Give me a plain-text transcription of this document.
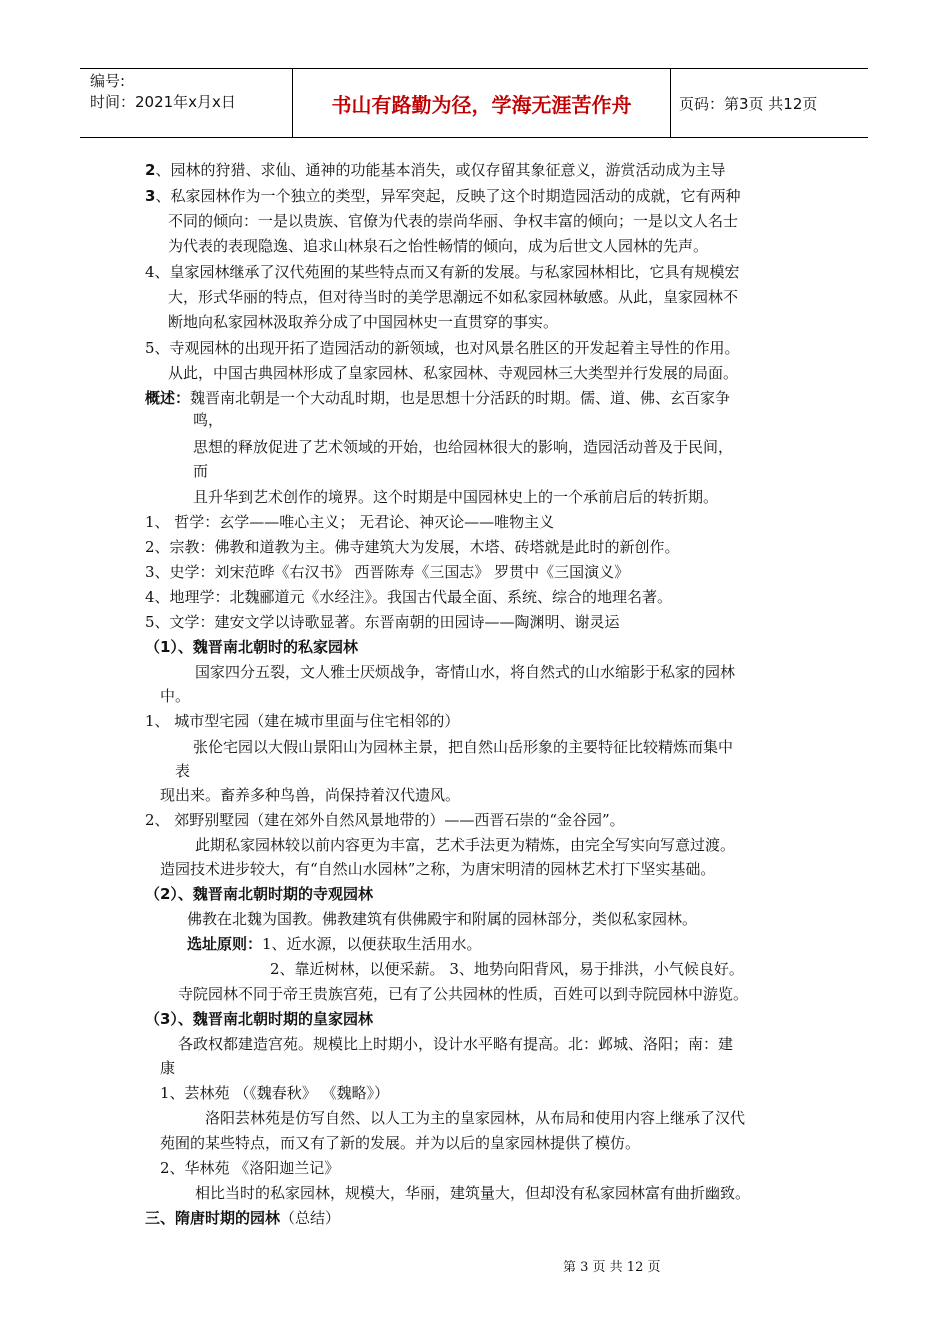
编号:
时间：2021年x月x日	书山有路勤为径，学海无涯苦作舟	页码：第3页 共12页
2、园林的狩猎、求仙、通神的功能基本消失，或仅存留其象征意义，游赏活动成为主导
3、私家园林作为一个独立的类型，异军突起，反映了这个时期造园活动的成就，它有两种
不同的倾向：一是以贵族、官僚为代表的崇尚华丽、争权丰富的倾向；一是以文人名士
为代表的表现隐逸、追求山林泉石之怡性畅情的倾向，成为后世文人园林的先声。
4、皇家园林继承了汉代苑囿的某些特点而又有新的发展。与私家园林相比，它具有规模宏
大，形式华丽的特点，但对待当时的美学思潮远不如私家园林敏感。从此，皇家园林不
断地向私家园林汲取养分成了中国园林史一直贯穿的事实。
5、寺观园林的出现开拓了造园活动的新领域，也对风景名胜区的开发起着主导性的作用。
从此，中国古典园林形成了皇家园林、私家园林、寺观园林三大类型并行发展的局面。
概述：魏晋南北朝是一个大动乱时期，也是思想十分活跃的时期。儒、道、佛、玄百家争
鸣，
思想的释放促进了艺术领域的开始，也给园林很大的影响，造园活动普及于民间，
而
且升华到艺术创作的境界。这个时期是中国园林史上的一个承前启后的转折期。
1、 哲学：玄学——唯心主义； 无君论、神灭论——唯物主义
2、宗教：佛教和道教为主。佛寺建筑大为发展，木塔、砖塔就是此时的新创作。
3、史学：刘宋范晔《右汉书》 西晋陈寿《三国志》 罗贯中《三国演义》
4、地理学：北魏郦道元《水经注》。我国古代最全面、系统、综合的地理名著。
5、文学：建安文学以诗歌显著。东晋南朝的田园诗——陶渊明、谢灵运
（1）、魏晋南北朝时的私家园林
国家四分五裂，文人雅士厌烦战争，寄情山水，将自然式的山水缩影于私家的园林
中。
1、 城市型宅园（建在城市里面与住宅相邻的）
张伦宅园以大假山景阳山为园林主景，把自然山岳形象的主要特征比较精炼而集中
表
现出来。畜养多种鸟兽，尚保持着汉代遗风。
2、 郊野别墅园（建在郊外自然风景地带的）——西晋石崇的“金谷园”。
此期私家园林较以前内容更为丰富，艺术手法更为精炼，由完全写实向写意过渡。
造园技术进步较大，有“自然山水园林”之称，为唐宋明清的园林艺术打下坚实基础。
（2）、魏晋南北朝时期的寺观园林
佛教在北魏为国教。佛教建筑有供佛殿宇和附属的园林部分，类似私家园林。
选址原则：1、近水源，以便获取生活用水。
2、靠近树林，以便采薪。 3、地势向阳背风，易于排洪，小气候良好。
寺院园林不同于帝王贵族宫苑，已有了公共园林的性质，百姓可以到寺院园林中游览。
（3）、魏晋南北朝时期的皇家园林
各政权都建造宫苑。规模比上时期小，设计水平略有提高。北：邺城、洛阳；南：建
康
1、芸林苑 （《魏春秋》 《魏略》）
洛阳芸林苑是仿写自然、以人工为主的皇家园林，从布局和使用内容上继承了汉代
苑囿的某些特点，而又有了新的发展。并为以后的皇家园林提供了模仿。
2、华林苑 《洛阳迦兰记》
相比当时的私家园林，规模大，华丽，建筑量大，但却没有私家园林富有曲折幽致。
三、隋唐时期的园林（总结）
第 3 页 共 12 页
